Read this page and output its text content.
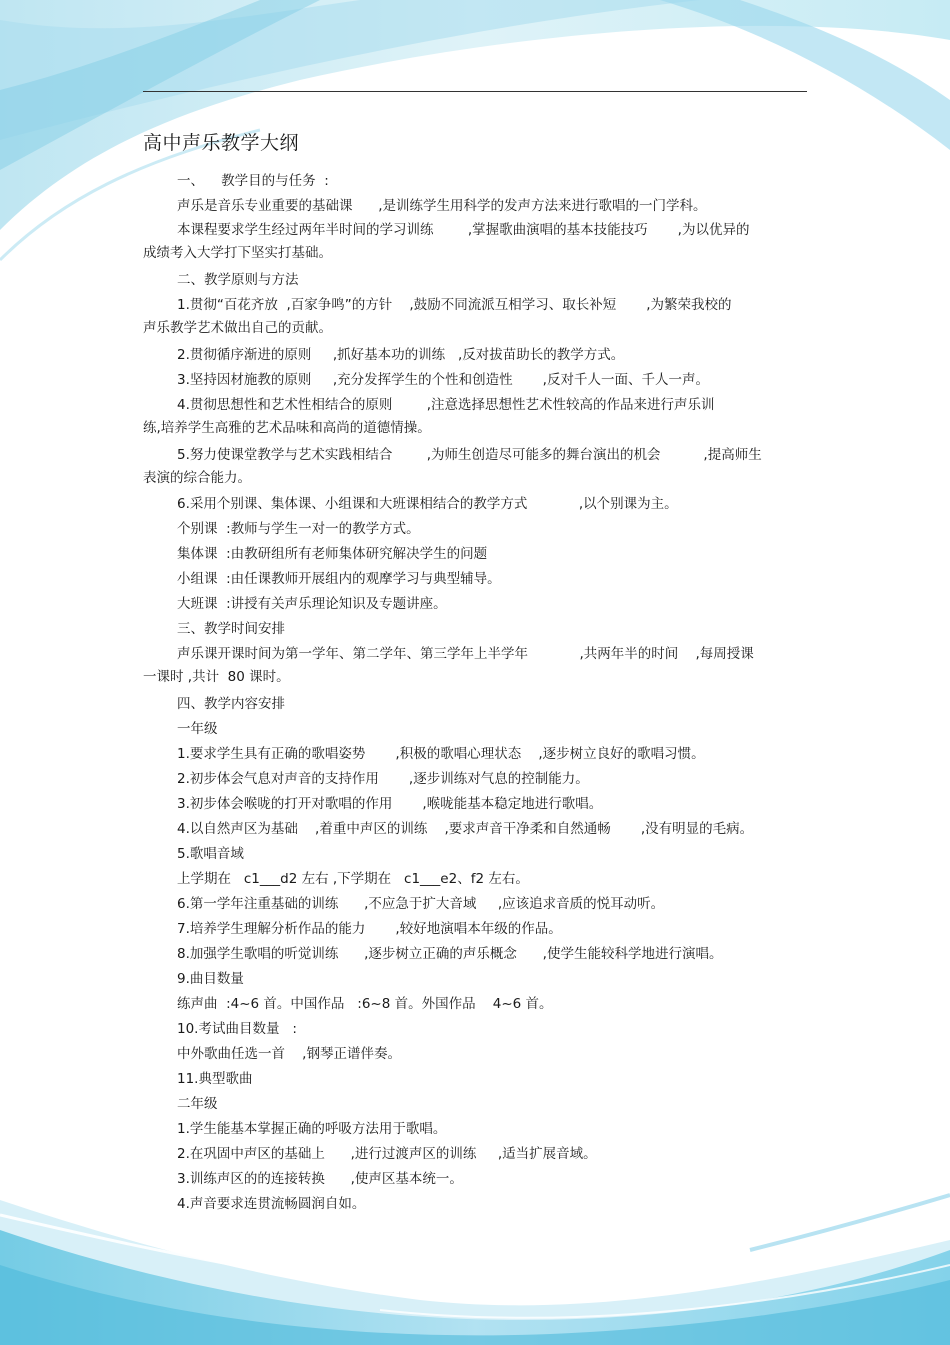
高中声乐教学大纲
一、    教学目的与任务  :
声乐是音乐专业重要的基础课      ,是训练学生用科学的发声方法来进行歌唱的一门学科。
本课程要求学生经过两年半时间的学习训练        ,掌握歌曲演唱的基本技能技巧       ,为以优异的
成绩考入大学打下坚实打基础。
二、教学原则与方法
1.贯彻“百花齐放  ,百家争鸣”的方针    ,鼓励不同流派互相学习、取长补短       ,为繁荣我校的
声乐教学艺术做出自己的贡献。
2.贯彻循序渐进的原则     ,抓好基本功的训练   ,反对拔苗助长的教学方式。
3.坚持因材施教的原则     ,充分发挥学生的个性和创造性       ,反对千人一面、千人一声。
4.贯彻思想性和艺术性相结合的原则        ,注意选择思想性艺术性较高的作品来进行声乐训
练,培养学生高雅的艺术品味和高尚的道德情操。
5.努力使课堂教学与艺术实践相结合        ,为师生创造尽可能多的舞台演出的机会          ,提高师生
表演的综合能力。
6.采用个别课、集体课、小组课和大班课相结合的教学方式            ,以个别课为主。
个别课  :教师与学生一对一的教学方式。
集体课  :由教研组所有老师集体研究解决学生的问题
小组课  :由任课教师开展组内的观摩学习与典型辅导。
大班课  :讲授有关声乐理论知识及专题讲座。
三、教学时间安排
声乐课开课时间为第一学年、第二学年、第三学年上半学年            ,共两年半的时间    ,每周授课
一课时 ,共计  80 课时。
四、教学内容安排
一年级
1.要求学生具有正确的歌唱姿势       ,积极的歌唱心理状态    ,逐步树立良好的歌唱习惯。
2.初步体会气息对声音的支持作用       ,逐步训练对气息的控制能力。
3.初步体会喉咙的打开对歌唱的作用       ,喉咙能基本稳定地进行歌唱。
4.以自然声区为基础    ,着重中声区的训练    ,要求声音干净柔和自然通畅       ,没有明显的毛病。
5.歌唱音域
上学期在   c1___d2 左右 ,下学期在   c1___e2、f2 左右。
6.第一学年注重基础的训练      ,不应急于扩大音域     ,应该追求音质的悦耳动听。
7.培养学生理解分析作品的能力       ,较好地演唱本年级的作品。
8.加强学生歌唱的听觉训练      ,逐步树立正确的声乐概念      ,使学生能较科学地进行演唱。
9.曲目数量
练声曲  :4~6 首。中国作品   :6~8 首。外国作品    4~6 首。
10.考试曲目数量   :
中外歌曲任选一首    ,钢琴正谱伴奏。
11.典型歌曲
二年级
1.学生能基本掌握正确的呼吸方法用于歌唱。
2.在巩固中声区的基础上      ,进行过渡声区的训练     ,适当扩展音域。
3.训练声区的的连接转换      ,使声区基本统一。
4.声音要求连贯流畅圆润自如。
